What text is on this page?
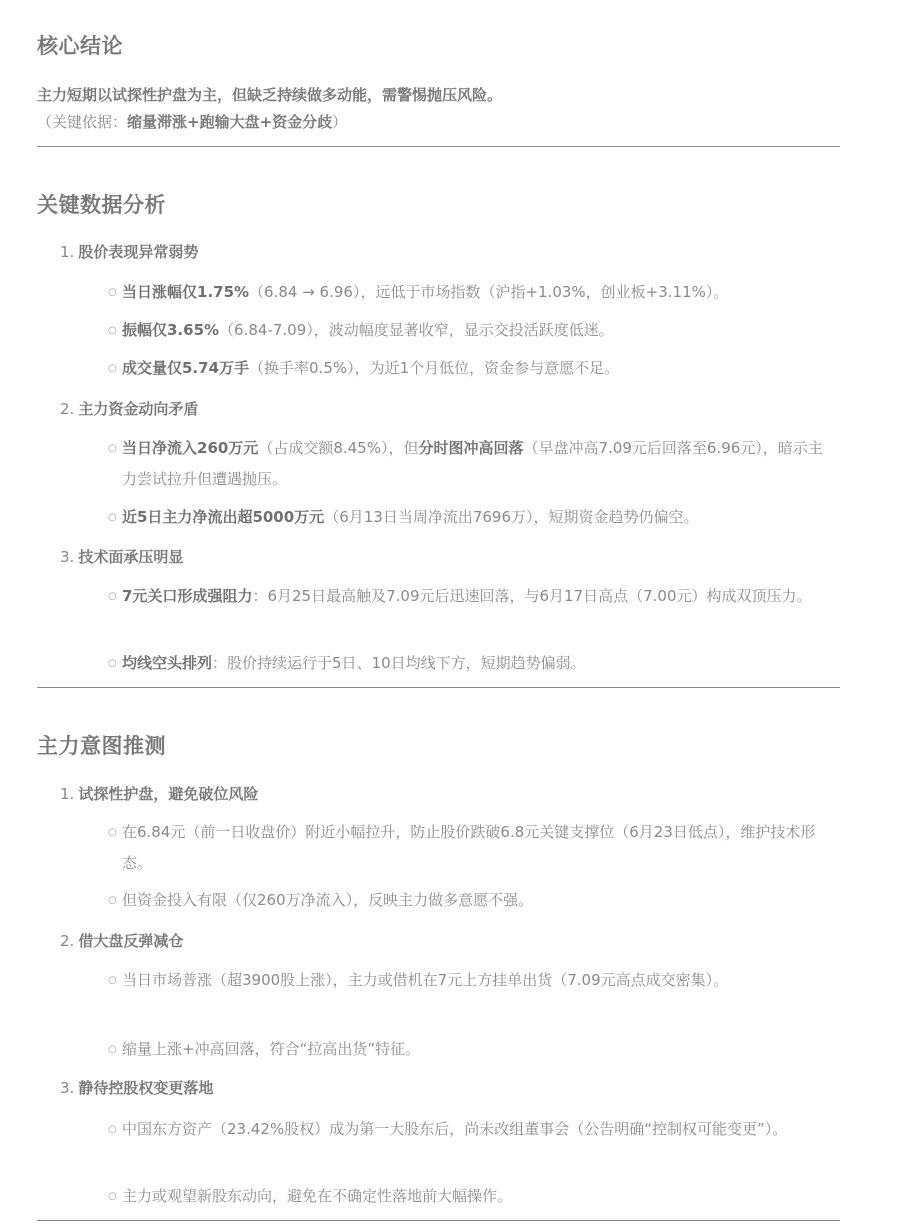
核心结论
主力短期以试探性护盘为主，但缺乏持续做多动能，需警惕抛压风险。
（关键依据：缩量滞涨+跑输大盘+资金分歧）
关键数据分析
1. 股价表现异常弱势
○ 当日涨幅仅1.75%（6.84 → 6.96），远低于市场指数（沪指+1.03%，创业板+3.11%）。
○ 振幅仅3.65%（6.84-7.09），波动幅度显著收窄，显示交投活跃度低迷。
○ 成交量仅5.74万手（换手率0.5%），为近1个月低位，资金参与意愿不足。
2. 主力资金动向矛盾
○ 当日净流入260万元（占成交额8.45%），但分时图冲高回落（早盘冲高7.09元后回落至6.96元），暗示主力尝试拉升但遭遇抛压。
○ 近5日主力净流出超5000万元（6月13日当周净流出7696万），短期资金趋势仍偏空。
3. 技术面承压明显
○ 7元关口形成强阻力：6月25日最高触及7.09元后迅速回落，与6月17日高点（7.00元）构成双顶压力。
○ 均线空头排列：股价持续运行于5日、10日均线下方，短期趋势偏弱。
主力意图推测
1. 试探性护盘，避免破位风险
○ 在6.84元（前一日收盘价）附近小幅拉升，防止股价跌破6.8元关键支撑位（6月23日低点），维护技术形态。
○ 但资金投入有限（仅260万净流入），反映主力做多意愿不强。
2. 借大盘反弹减仓
○ 当日市场普涨（超3900股上涨），主力或借机在7元上方挂单出货（7.09元高点成交密集）。
○ 缩量上涨+冲高回落，符合“拉高出货”特征。
3. 静待控股权变更落地
○ 中国东方资产（23.42%股权）成为第一大股东后，尚未改组董事会（公告明确“控制权可能变更”）。
○ 主力或观望新股东动向，避免在不确定性落地前大幅操作。
